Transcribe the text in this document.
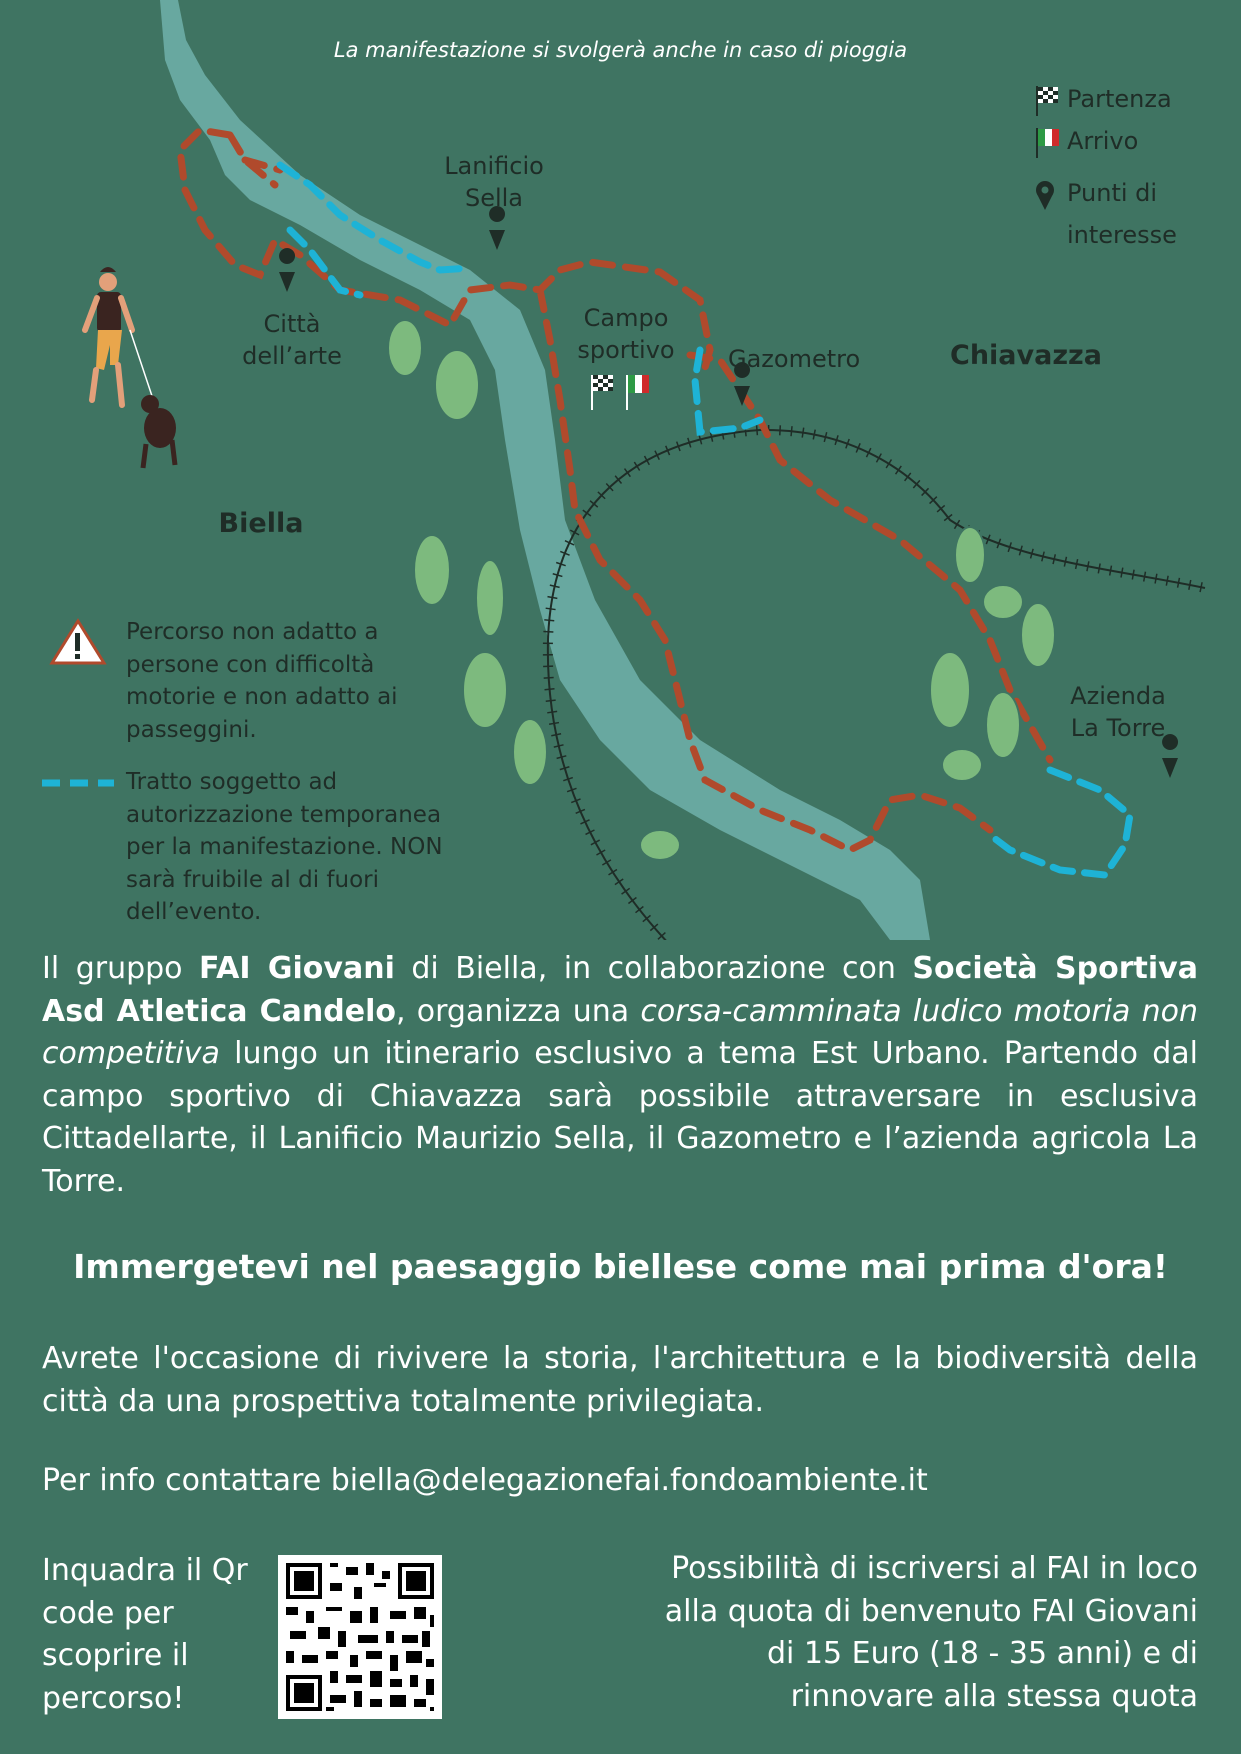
La manifestazione si svolgerà anche in caso di pioggia
Lanificio Sella
Città dell’arte
Campo sportivo	Gazometro	Chiavazza
Biella
Azienda La Torre
Partenza
Arrivo
Punti di interesse
Percorso non adatto a persone con difficoltà motorie e non adatto ai passeggini.
Tratto soggetto ad autorizzazione temporanea per la manifestazione. NON sarà fruibile al di fuori dell’evento.
Il gruppo FAI Giovani di Biella, in collaborazione con Società Sportiva Asd Atletica Candelo, organizza una corsa-camminata ludico motoria non competitiva lungo un itinerario esclusivo a tema Est Urbano. Partendo dal campo sportivo di Chiavazza sarà possibile attraversare in esclusiva Cittadellarte, il Lanificio Maurizio Sella, il Gazometro e l’azienda agricola La Torre.
Immergetevi nel paesaggio biellese come mai prima d'ora!
Avrete l'occasione di rivivere la storia, l'architettura e la biodiversità della città da una prospettiva totalmente privilegiata.
Per info contattare biella@delegazionefai.fondoambiente.it
Inquadra il Qr code per scoprire il percorso!
Possibilità di iscriversi al FAI in loco alla quota di benvenuto FAI Giovani di 15 Euro (18 - 35 anni) e di rinnovare alla stessa quota
